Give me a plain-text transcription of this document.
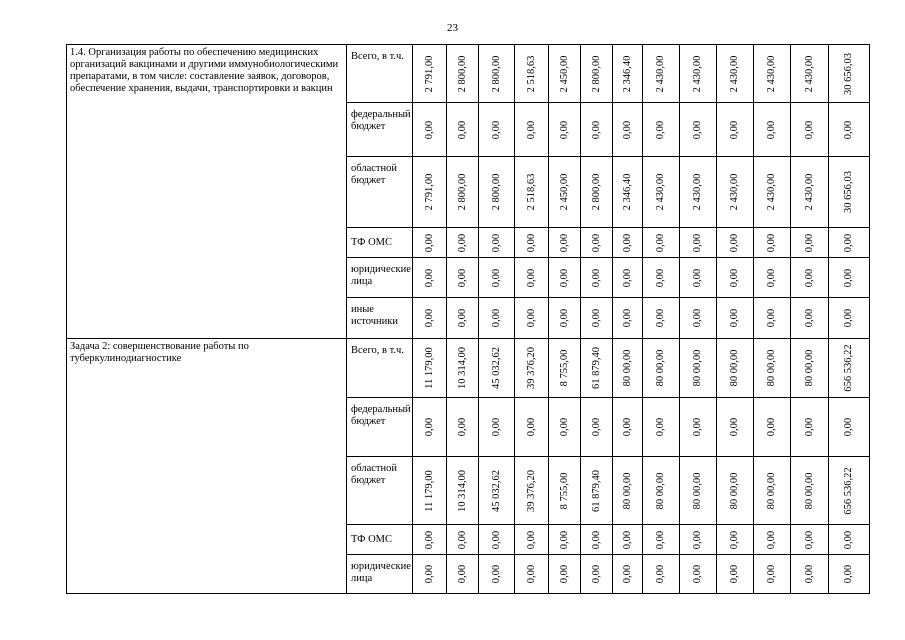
23
1.4. Организация работы по обеспечению медицинских организаций вакцинами и другими иммунобиологическими препаратами, в том числе: составление заявок, договоров, обеспечение хранения, выдачи, транспортировки и вакцин	Всего, в т.ч.	2 791,00	2 800,00	2 800,00	2 518,63	2 450,00	2 800,00	2 346,40	2 430,00	2 430,00	2 430,00	2 430,00	2 430,00	30 656,03

	федеральный бюджет	0,00	0,00	0,00	0,00	0,00	0,00	0,00	0,00	0,00	0,00	0,00	0,00	0,00

	областной бюджет	2 791,00	2 800,00	2 800,00	2 518,63	2 450,00	2 800,00	2 346,40	2 430,00	2 430,00	2 430,00	2 430,00	2 430,00	30 656,03

	ТФ ОМС	0,00	0,00	0,00	0,00	0,00	0,00	0,00	0,00	0,00	0,00	0,00	0,00	0,00

	юридические лица	0,00	0,00	0,00	0,00	0,00	0,00	0,00	0,00	0,00	0,00	0,00	0,00	0,00

	иные источники	0,00	0,00	0,00	0,00	0,00	0,00	0,00	0,00	0,00	0,00	0,00	0,00	0,00

Задача 2: совершенствование работы по туберкулинодиагностике	Всего, в т.ч.	11 179,00	10 314,00	45 032,62	39 376,20	8 755,00	61 879,40	80 00,00	80 00,00	80 00,00	80 00,00	80 00,00	80 00,00	656 536,22

	федеральный бюджет	0,00	0,00	0,00	0,00	0,00	0,00	0,00	0,00	0,00	0,00	0,00	0,00	0,00

	областной бюджет	11 179,00	10 314,00	45 032,62	39 376,20	8 755,00	61 879,40	80 00,00	80 00,00	80 00,00	80 00,00	80 00,00	80 00,00	656 536,22

	ТФ ОМС	0,00	0,00	0,00	0,00	0,00	0,00	0,00	0,00	0,00	0,00	0,00	0,00	0,00

	юридические лица	0,00	0,00	0,00	0,00	0,00	0,00	0,00	0,00	0,00	0,00	0,00	0,00	0,00
